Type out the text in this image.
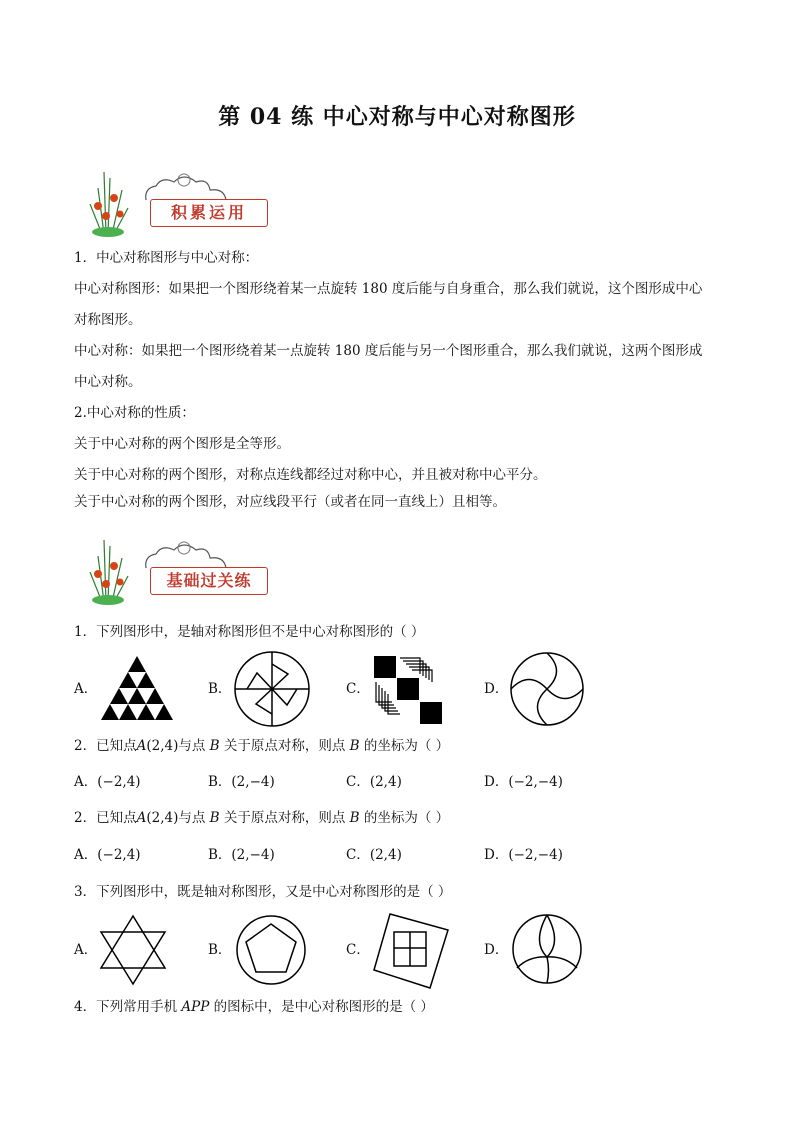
第 04 练 中心对称与中心对称图形
积累运用
1．中心对称图形与中心对称：
中心对称图形：如果把一个图形绕着某一点旋转 180 度后能与自身重合，那么我们就说，这个图形成中心
对称图形。
中心对称：如果把一个图形绕着某一点旋转 180 度后能与另一个图形重合，那么我们就说，这两个图形成
中心对称。
2.中心对称的性质：
关于中心对称的两个图形是全等形。
关于中心对称的两个图形，对称点连线都经过对称中心，并且被对称中心平分。
关于中心对称的两个图形，对应线段平行（或者在同一直线上）且相等。
基础过关练
1．下列图形中，是轴对称图形但不是中心对称图形的（ ）
A．	B．	C．	D．
2．已知点A(2,4)与点 B 关于原点对称，则点 B 的坐标为（ ）
A．(−2,4)	B．(2,−4)	C．(2,4)	D．(−2,−4)
2．已知点A(2,4)与点 B 关于原点对称，则点 B 的坐标为（ ）
A．(−2,4)	B．(2,−4)	C．(2,4)	D．(−2,−4)
3．下列图形中，既是轴对称图形，又是中心对称图形的是（ ）
A．	B．	C．	D．
4．下列常用手机 APP 的图标中，是中心对称图形的是（ ）
